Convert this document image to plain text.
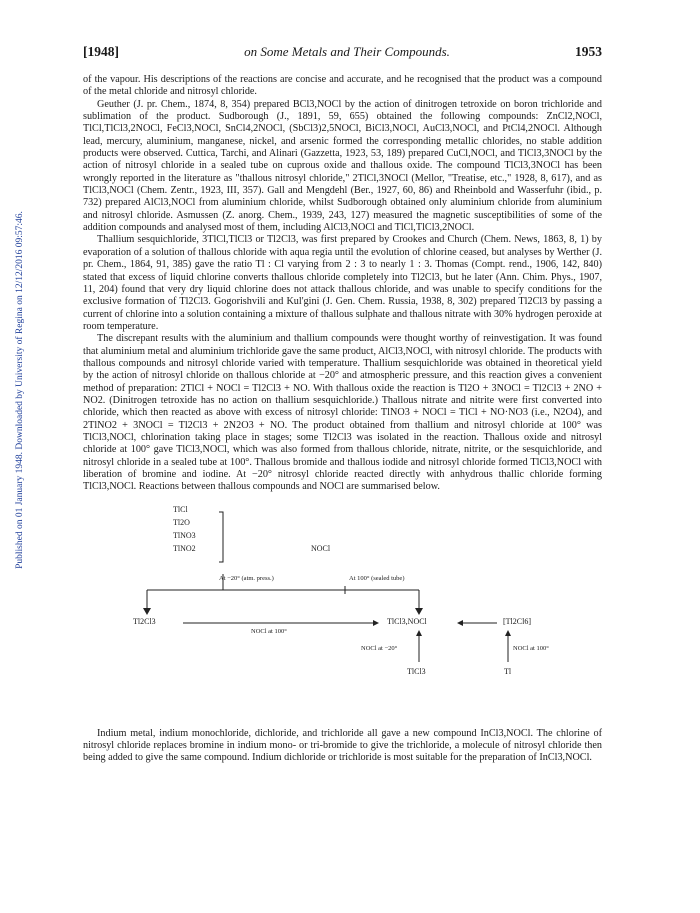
Published on 01 January 1948. Downloaded by University of Regina on 12/12/2016 09:57:46.
[1948]	on Some Metals and Their Compounds.	1953

of the vapour. His descriptions of the reactions are concise and accurate, and he recognised that the product was a compound of the metal chloride and nitrosyl chloride.

Geuther (J. pr. Chem., 1874, 8, 354) prepared BCl3,NOCl by the action of dinitrogen tetroxide on boron trichloride and sublimation of the product. Sudborough (J., 1891, 59, 655) obtained the following compounds: ZnCl2,NOCl, TlCl,TlCl3,2NOCl, FeCl3,NOCl, SnCl4,2NOCl, (SbCl3)2,5NOCl, BiCl3,NOCl, AuCl3,NOCl, and PtCl4,2NOCl. Although lead, mercury, aluminium, manganese, nickel, and arsenic formed the corresponding metallic chlorides, no stable addition products were observed. Cuttica, Tarchi, and Alinari (Gazzetta, 1923, 53, 189) prepared CuCl,NOCl, and TlCl3,3NOCl by the action of nitrosyl chloride in a sealed tube on cuprous oxide and thallous oxide. The compound TlCl3,3NOCl has been wrongly reported in the literature as "thallous nitrosyl chloride," 2TlCl,3NOCl (Mellor, "Treatise, etc.," 1928, 8, 617), and as TlCl3,NOCl (Chem. Zentr., 1923, III, 357). Gall and Mengdehl (Ber., 1927, 60, 86) and Rheinbold and Wasserfuhr (ibid., p. 732) prepared AlCl3,NOCl from aluminium chloride, whilst Sudborough obtained only aluminium chloride from aluminium and nitrosyl chloride. Asmussen (Z. anorg. Chem., 1939, 243, 127) measured the magnetic susceptibilities of some of the addition compounds and analysed most of them, including AlCl3,NOCl and TlCl,TlCl3,2NOCl.

Thallium sesquichloride, 3TlCl,TlCl3 or Tl2Cl3, was first prepared by Crookes and Church (Chem. News, 1863, 8, 1) by evaporation of a solution of thallous chloride with aqua regia until the evolution of chlorine ceased, but analyses by Werther (J. pr. Chem., 1864, 91, 385) gave the ratio Tl : Cl varying from 2 : 3 to nearly 1 : 3. Thomas (Compt. rend., 1906, 142, 840) stated that excess of liquid chlorine converts thallous chloride completely into Tl2Cl3, but he later (Ann. Chim. Phys., 1907, 11, 204) found that very dry liquid chlorine does not attack thallous chloride, and was unable to specify conditions for the exclusive formation of Tl2Cl3. Gogorishvili and Kul'gini (J. Gen. Chem. Russia, 1938, 8, 302) prepared Tl2Cl3 by passing a current of chlorine into a solution containing a mixture of thallous sulphate and thallous nitrate with 30% hydrogen peroxide at room temperature.

The discrepant results with the aluminium and thallium compounds were thought worthy of reinvestigation. It was found that aluminium metal and aluminium trichloride gave the same product, AlCl3,NOCl, with nitrosyl chloride. The products with thallous compounds and nitrosyl chloride varied with temperature. Thallium sesquichloride was obtained in theoretical yield by the action of nitrosyl chloride on thallous chloride at −20° and atmospheric pressure, and this reaction gives a convenient method of preparation: 2TlCl + NOCl = Tl2Cl3 + NO. With thallous oxide the reaction is Tl2O + 3NOCl = Tl2Cl3 + 2NO + NO2. (Dinitrogen tetroxide has no action on thallium sesquichloride.) Thallous nitrate and nitrite were first converted into chloride, which then reacted as above with excess of nitrosyl chloride: TlNO3 + NOCl = TlCl + NO·NO3 (i.e., N2O4), and 2TlNO2 + 3NOCl = Tl2Cl3 + 2N2O3 + NO. The product obtained from thallium and nitrosyl chloride at 100° was TlCl3,NOCl, chlorination taking place in stages; some Tl2Cl3 was isolated in the reaction. Thallous oxide and nitrosyl chloride at 100° gave TlCl3,NOCl, which was also formed from thallous chloride, nitrate, nitrite, or the sesquichloride, and nitrosyl chloride in a sealed tube at 100°. Thallous bromide and thallous iodide and nitrosyl chloride formed TlCl3,NOCl with liberation of bromine and iodine. At −20° nitrosyl chloride reacted directly with anhydrous thallic chloride forming TlCl3,NOCl. Reactions between thallous compounds and NOCl are summarised below.

TlCl
Tl2O
TlNO3
TlNO2	NOCl
At −20° (atm. press.)	At 100° (sealed tube)
Tl2Cl3	TlCl3,NOCl	[Tl2Cl6]
NOCl at 100°
NOCl at −20°	NOCl at 100°
TlCl3	Tl

Indium metal, indium monochloride, dichloride, and trichloride all gave a new compound InCl3,NOCl. The chlorine of nitrosyl chloride replaces bromine in indium mono- or tri-bromide to give the trichloride, a molecule of nitrosyl chloride then being added to give the same compound. Indium dichloride or trichloride is most suitable for the preparation of InCl3,NOCl.
